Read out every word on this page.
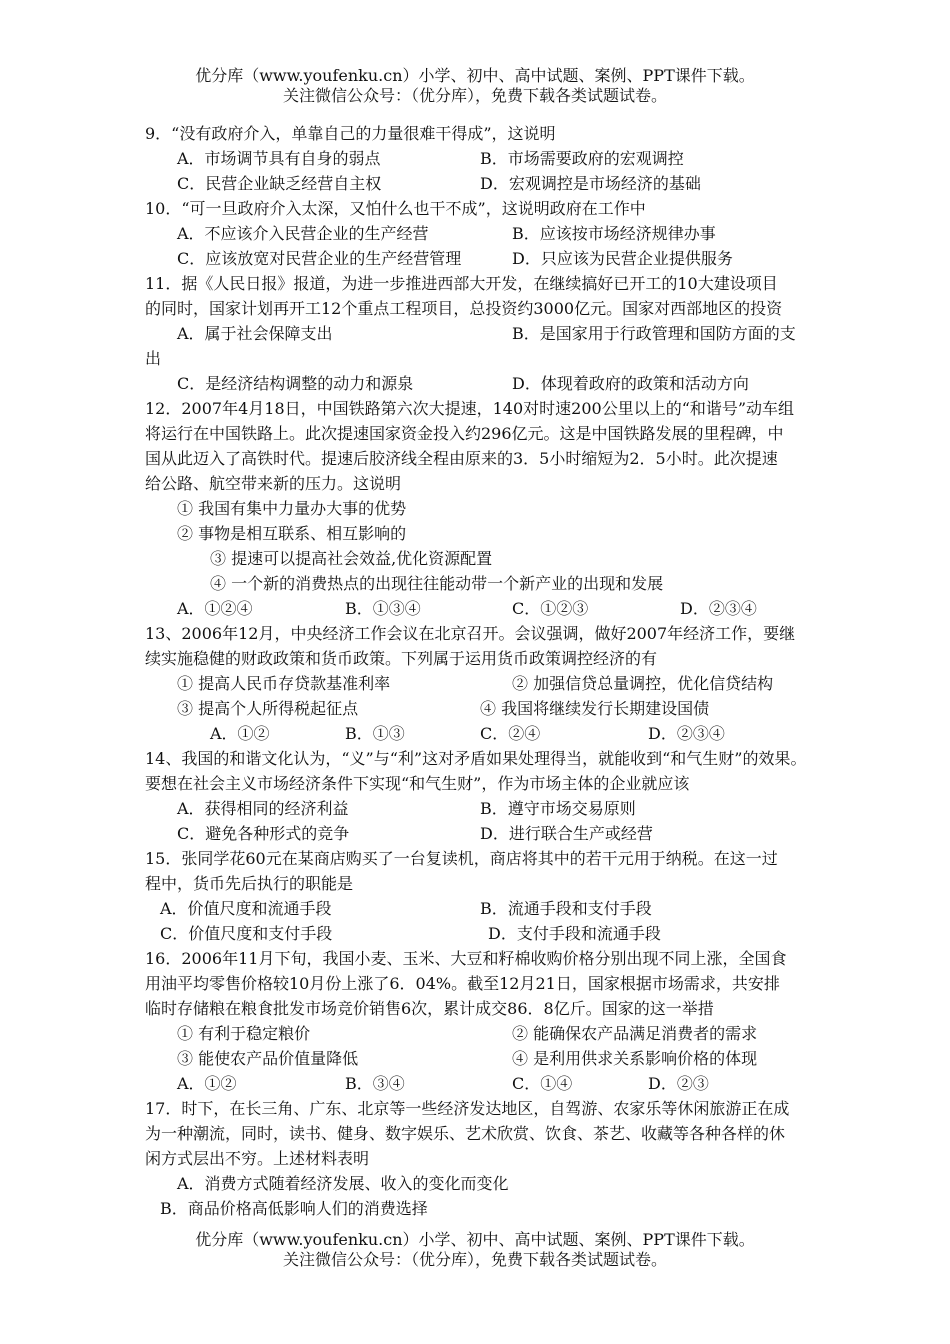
优分库（www.youfenku.cn）小学、初中、高中试题、案例、PPT课件下载。
关注微信公众号：（优分库），免费下载各类试题试卷。
9．“没有政府介入，单靠自己的力量很难干得成”，这说明
A．市场调节具有自身的弱点	B．市场需要政府的宏观调控
C．民营企业缺乏经营自主权	D．宏观调控是市场经济的基础
10．“可一旦政府介入太深，又怕什么也干不成”，这说明政府在工作中
A．不应该介入民营企业的生产经营	B．应该按市场经济规律办事
C．应该放宽对民营企业的生产经营管理	D．只应该为民营企业提供服务
11．据《人民日报》报道，为进一步推进西部大开发，在继续搞好已开工的10大建设项目
的同时，国家计划再开工12个重点工程项目，总投资约3000亿元。国家对西部地区的投资
A．属于社会保障支出	B．是国家用于行政管理和国防方面的支
出
C．是经济结构调整的动力和源泉	D．体现着政府的政策和活动方向
12．2007年4月18日，中国铁路第六次大提速，140对时速200公里以上的“和谐号”动车组
将运行在中国铁路上。此次提速国家资金投入约296亿元。这是中国铁路发展的里程碑，中
国从此迈入了高铁时代。提速后胶济线全程由原来的3．5小时缩短为2．5小时。此次提速
给公路、航空带来新的压力。这说明
① 我国有集中力量办大事的优势
② 事物是相互联系、相互影响的
③ 提速可以提高社会效益,优化资源配置
④ 一个新的消费热点的出现往往能动带一个新产业的出现和发展
A．①②④	B．①③④	C．①②③	D．②③④
13、2006年12月，中央经济工作会议在北京召开。会议强调，做好2007年经济工作，要继
续实施稳健的财政政策和货币政策。下列属于运用货币政策调控经济的有
① 提高人民币存贷款基准利率	② 加强信贷总量调控，优化信贷结构
③ 提高个人所得税起征点	④ 我国将继续发行长期建设国债
A．①②	B．①③	C．②④	D．②③④
14、我国的和谐文化认为，“义”与“利”这对矛盾如果处理得当，就能收到“和气生财”的效果。
要想在社会主义市场经济条件下实现“和气生财”，作为市场主体的企业就应该
A．获得相同的经济利益	B．遵守市场交易原则
C．避免各种形式的竞争	D．进行联合生产或经营
15．张同学花60元在某商店购买了一台复读机，商店将其中的若干元用于纳税。在这一过
程中，货币先后执行的职能是
A．价值尺度和流通手段	B．流通手段和支付手段
C．价值尺度和支付手段	D．支付手段和流通手段
16．2006年11月下旬，我国小麦、玉米、大豆和籽棉收购价格分别出现不同上涨，全国食
用油平均零售价格较10月份上涨了6．04%。截至12月21日，国家根据市场需求，共安排
临时存储粮在粮食批发市场竞价销售6次，累计成交86．8亿斤。国家的这一举措
① 有利于稳定粮价	② 能确保农产品满足消费者的需求
③ 能使农产品价值量降低	④ 是利用供求关系影响价格的体现
A．①②	B．③④	C．①④	D．②③
17．时下，在长三角、广东、北京等一些经济发达地区，自驾游、农家乐等休闲旅游正在成
为一种潮流，同时，读书、健身、数字娱乐、艺术欣赏、饮食、茶艺、收藏等各种各样的休
闲方式层出不穷。上述材料表明
A．消费方式随着经济发展、收入的变化而变化
B．商品价格高低影响人们的消费选择
优分库（www.youfenku.cn）小学、初中、高中试题、案例、PPT课件下载。
关注微信公众号：（优分库），免费下载各类试题试卷。
